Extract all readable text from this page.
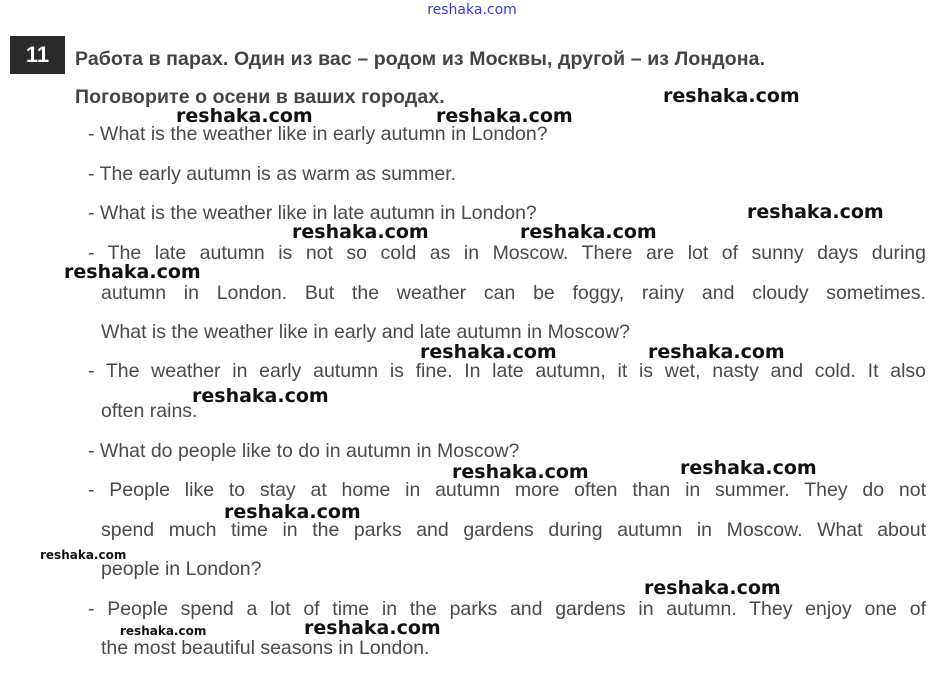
reshaka.com
11	Работа в парах. Один из вас – родом из Москвы, другой – из Лондона.
Поговорите о осени в ваших городах.
- What is the weather like in early autumn in London?
- The early autumn is as warm as summer.
- What is the weather like in late autumn in London?
- The late autumn is not so cold as in Moscow. There are lot of sunny days during
autumn in London. But the weather can be foggy, rainy and cloudy sometimes.
What is the weather like in early and late autumn in Moscow?
- The weather in early autumn is fine. In late autumn, it is wet, nasty and cold. It also
often rains.
- What do people like to do in autumn in Moscow?
- People like to stay at home in autumn more often than in summer. They do not
spend much time in the parks and gardens during autumn in Moscow. What about
people in London?
- People spend a lot of time in the parks and gardens in autumn. They enjoy one of
the most beautiful seasons in London.
reshaka.com
reshaka.com	reshaka.com
reshaka.com
reshaka.com	reshaka.com
reshaka.com
reshaka.com	reshaka.com
reshaka.com
reshaka.com	reshaka.com
reshaka.com
reshaka.com
reshaka.com
reshaka.com
reshaka.com
